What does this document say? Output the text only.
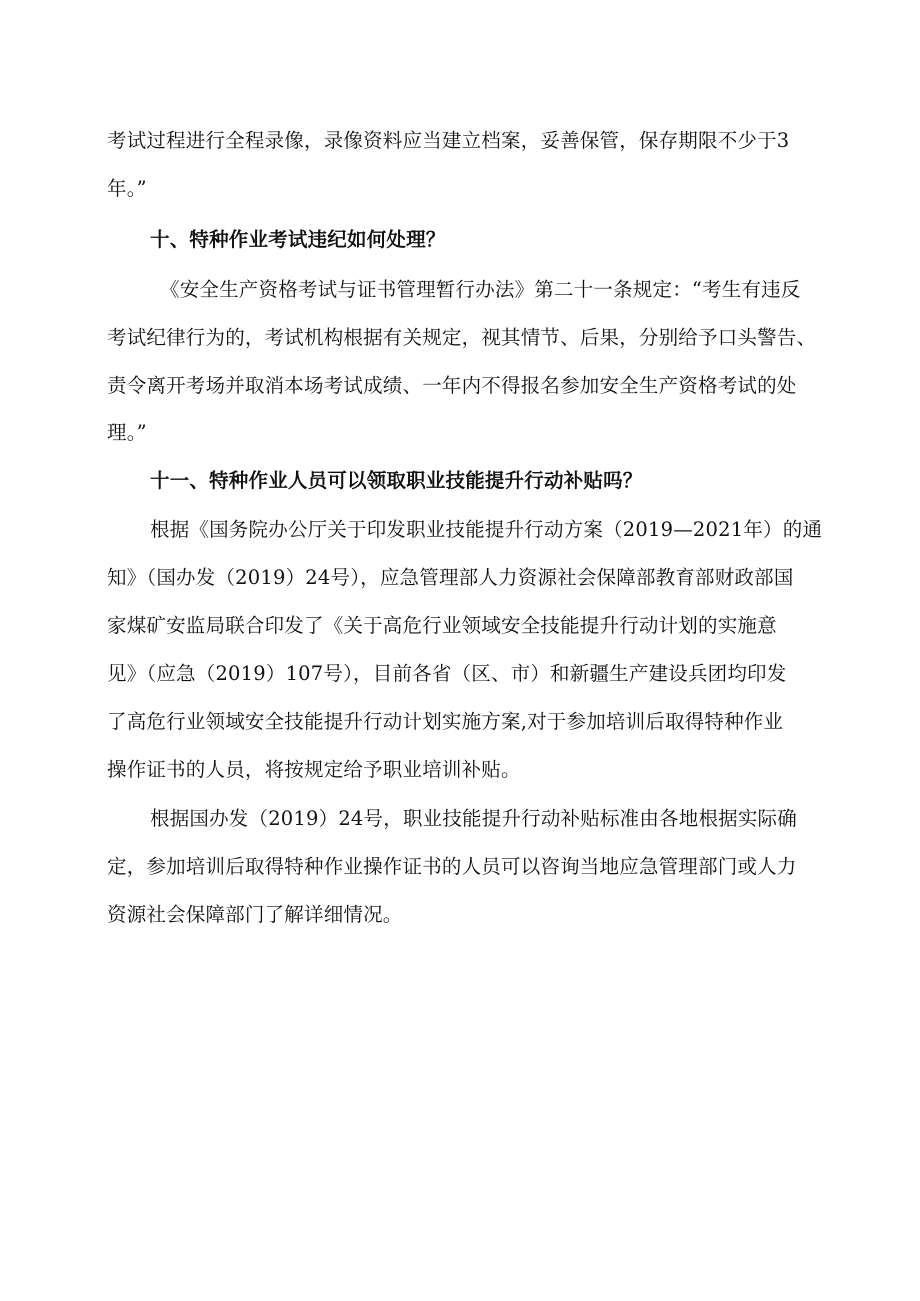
考试过程进行全程录像，录像资料应当建立档案，妥善保管，保存期限不少于3
年。”
十、特种作业考试违纪如何处理？
《安全生产资格考试与证书管理暂行办法》第二十一条规定：“考生有违反
考试纪律行为的，考试机构根据有关规定，视其情节、后果，分别给予口头警告、
责令离开考场并取消本场考试成绩、一年内不得报名参加安全生产资格考试的处
理。”
十一、特种作业人员可以领取职业技能提升行动补贴吗？
根据《国务院办公厅关于印发职业技能提升行动方案（2019—2021年）的通
知》（国办发（2019）24号），应急管理部人力资源社会保障部教育部财政部国
家煤矿安监局联合印发了《关于高危行业领域安全技能提升行动计划的实施意
见》（应急（2019）107号），目前各省（区、市）和新疆生产建设兵团均印发
了高危行业领域安全技能提升行动计划实施方案,对于参加培训后取得特种作业
操作证书的人员，将按规定给予职业培训补贴。
根据国办发（2019）24号，职业技能提升行动补贴标准由各地根据实际确
定，参加培训后取得特种作业操作证书的人员可以咨询当地应急管理部门或人力
资源社会保障部门了解详细情况。
